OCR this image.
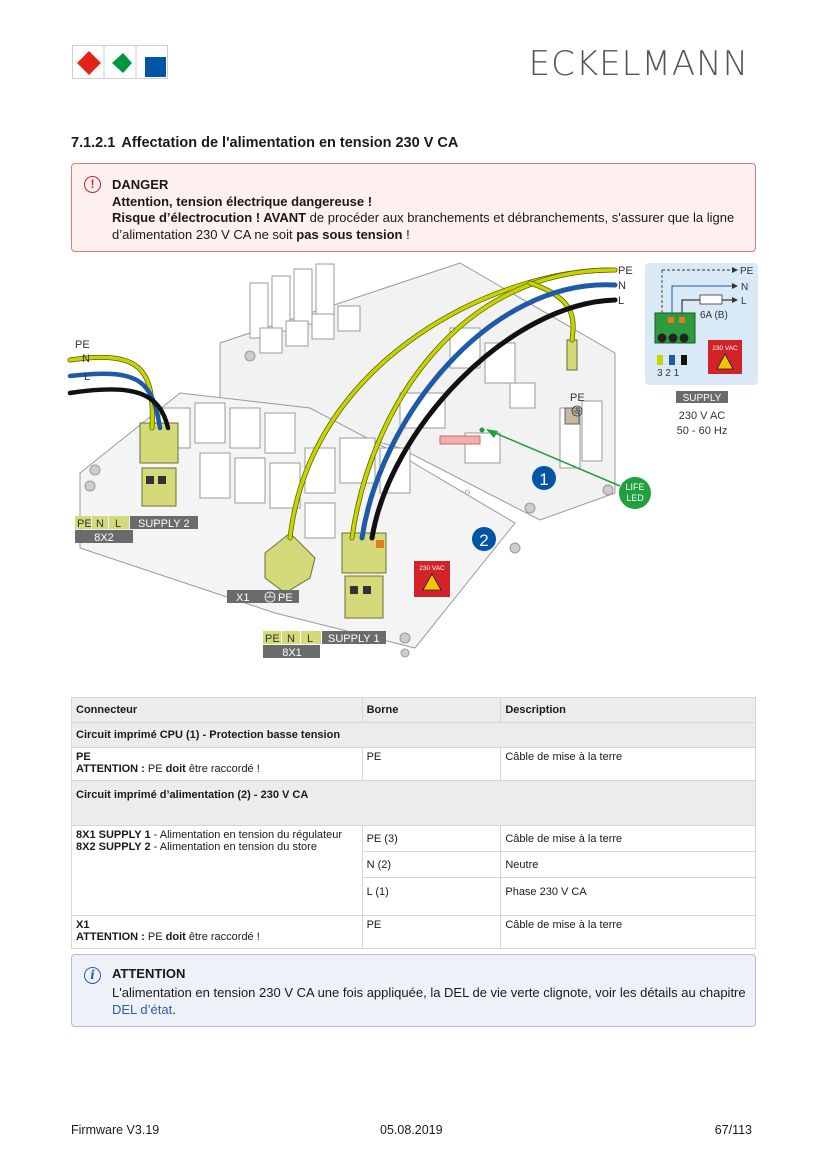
ECKELMANN
7.1.2.1 Affectation de l'alimentation en tension 230 V CA
!	DANGER
Attention, tension électrique dangereuse !
Risque d’électrocution ! AVANT de procéder aux branchements et débranchements, s'assurer que la ligne d’alimentation 230 V CA ne soit pas sous tension !
PE
N
L
PE
N
L
PE
PE
N
L
6A (B)
3 2 1
230 VAC
SUPPLY
230 V AC
50 - 60 Hz
LIFE
LED
1
2
230 VAC
PE N L SUPPLY 2
8X2
X1	PE
PE N L SUPPLY 1
8X1
Connecteur	Borne	Description
Circuit imprimé CPU (1) - Protection basse tension		
PE
ATTENTION : PE doit être raccordé !	PE	Câble de mise à la terre
Circuit imprimé d’alimentation (2) - 230 V CA		
8X1 SUPPLY 1 - Alimentation en tension du régulateur
8X2 SUPPLY 2 - Alimentation en tension du store	PE (3)	Câble de mise à la terre
	N (2)	Neutre
	L (1)	Phase 230 V CA
X1
ATTENTION : PE doit être raccordé !	PE	Câble de mise à la terre
i	ATTENTION
L'alimentation en tension 230 V CA une fois appliquée, la DEL de vie verte clignote, voir les détails au chapitre DEL d’état.
Firmware V3.19	05.08.2019	67/113
